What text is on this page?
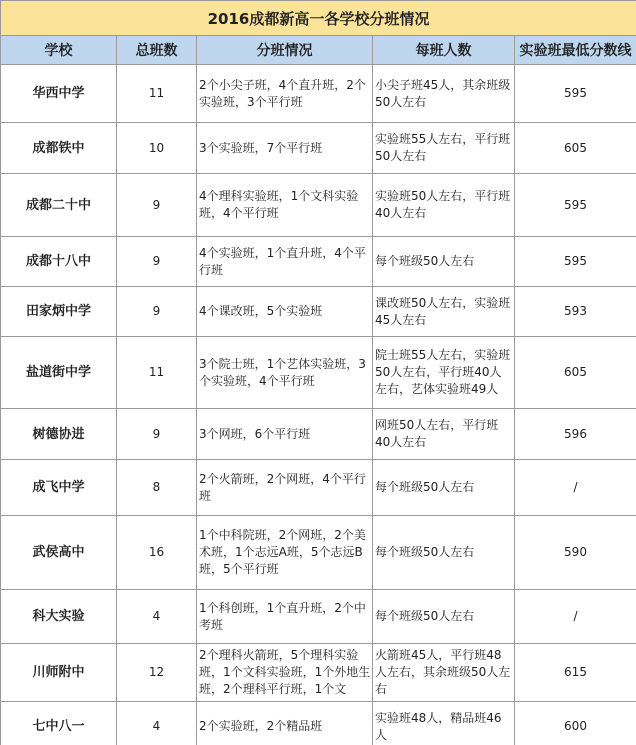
2016成都新高一各学校分班情况				
学校	总班数	分班情况	每班人数	实验班最低分数线
华西中学	11	2个小尖子班，4个直升班，2个实验班，3个平行班	小尖子班45人，其余班级50人左右	595
成都铁中	10	3个实验班，7个平行班	实验班55人左右，平行班50人左右	605
成都二十中	9	4个理科实验班，1个文科实验班，4个平行班	实验班50人左右，平行班40人左右	595
成都十八中	9	4个实验班，1个直升班，4个平行班	每个班级50人左右	595
田家炳中学	9	4个课改班，5个实验班	课改班50人左右，实验班45人左右	593
盐道街中学	11	3个院士班，1个艺体实验班，3个实验班，4个平行班	院士班55人左右，实验班50人左右，平行班40人左右，艺体实验班49人	605
树德协进	9	3个网班，6个平行班	网班50人左右，平行班40人左右	596
成飞中学	8	2个火箭班，2个网班，4个平行班	每个班级50人左右	/
武侯高中	16	1个中科院班，2个网班，2个美术班，1个志远A班，5个志远B班，5个平行班	每个班级50人左右	590
科大实验	4	1个科创班，1个直升班，2个中考班	每个班级50人左右	/
川师附中	12	2个理科火箭班，5个理科实验班，1个文科实验班，1个外地生班，2个理科平行班，1个文	火箭班45人，平行班48人左右，其余班级50人左右	615
七中八一	4	2个实验班，2个精品班	实验班48人，精品班46人	600
